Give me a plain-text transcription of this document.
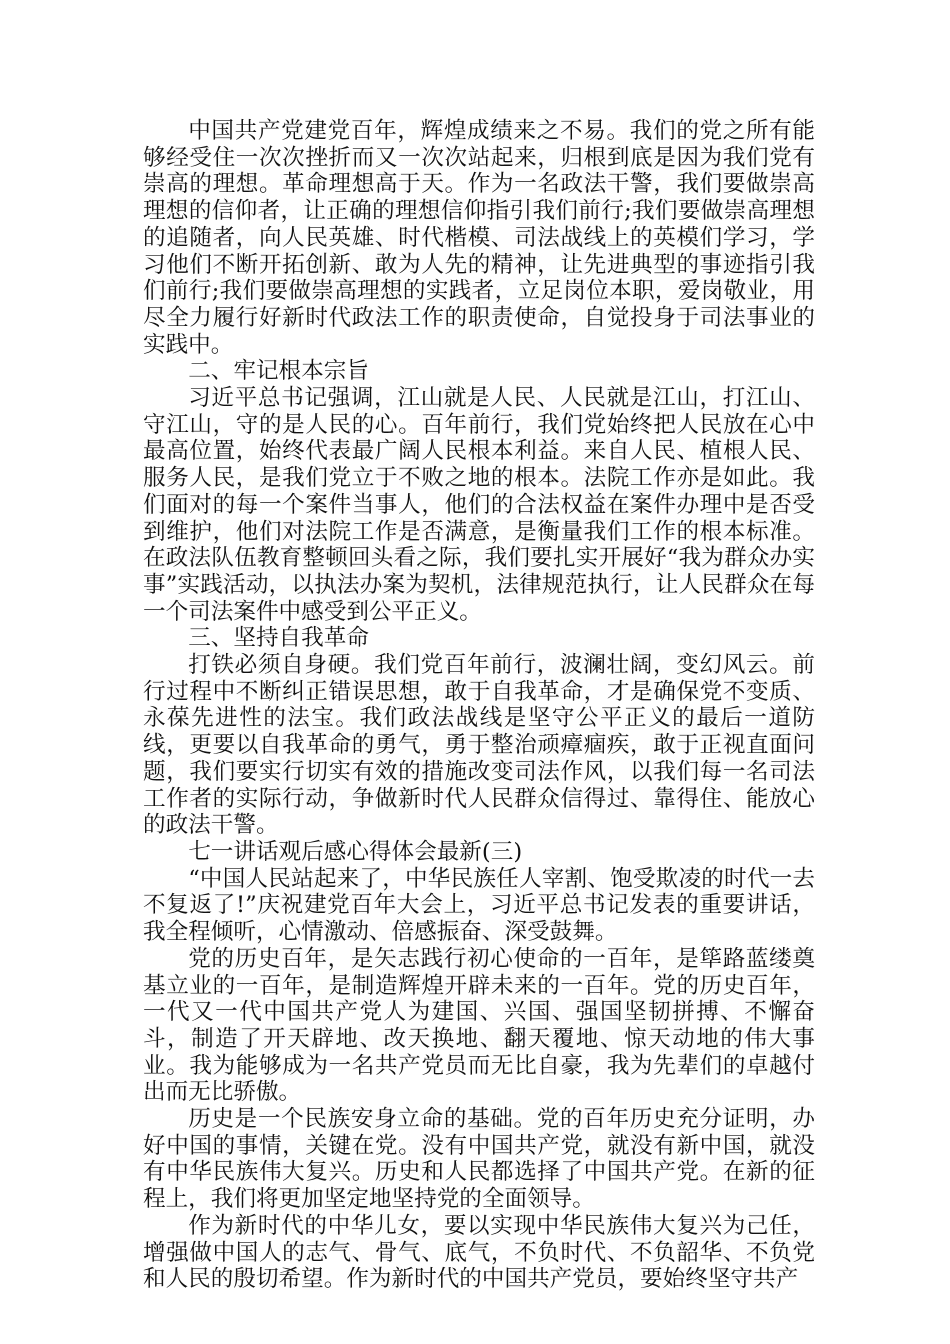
中国共产党建党百年，辉煌成绩来之不易。我们的党之所有能够经受住一次次挫折而又一次次站起来，归根到底是因为我们党有崇高的理想。革命理想高于天。作为一名政法干警，我们要做崇高理想的信仰者，让正确的理想信仰指引我们前行;我们要做崇高理想的追随者，向人民英雄、时代楷模、司法战线上的英模们学习，学习他们不断开拓创新、敢为人先的精神，让先进典型的事迹指引我们前行;我们要做崇高理想的实践者，立足岗位本职，爱岗敬业，用尽全力履行好新时代政法工作的职责使命，自觉投身于司法事业的实践中。

二、牢记根本宗旨

习近平总书记强调，江山就是人民、人民就是江山，打江山、守江山，守的是人民的心。百年前行，我们党始终把人民放在心中最高位置，始终代表最广阔人民根本利益。来自人民、植根人民、服务人民，是我们党立于不败之地的根本。法院工作亦是如此。我们面对的每一个案件当事人，他们的合法权益在案件办理中是否受到维护，他们对法院工作是否满意，是衡量我们工作的根本标准。在政法队伍教育整顿回头看之际，我们要扎实开展好“我为群众办实事”实践活动，以执法办案为契机，法律规范执行，让人民群众在每一个司法案件中感受到公平正义。

三、坚持自我革命

打铁必须自身硬。我们党百年前行，波澜壮阔，变幻风云。前行过程中不断纠正错误思想，敢于自我革命，才是确保党不变质、永葆先进性的法宝。我们政法战线是坚守公平正义的最后一道防线，更要以自我革命的勇气，勇于整治顽瘴痼疾，敢于正视直面问题，我们要实行切实有效的措施改变司法作风，以我们每一名司法工作者的实际行动，争做新时代人民群众信得过、靠得住、能放心的政法干警。

七一讲话观后感心得体会最新(三)

“中国人民站起来了，中华民族任人宰割、饱受欺凌的时代一去不复返了!”庆祝建党百年大会上，习近平总书记发表的重要讲话，我全程倾听，心情激动、倍感振奋、深受鼓舞。

党的历史百年，是矢志践行初心使命的一百年，是筚路蓝缕奠基立业的一百年，是制造辉煌开辟未来的一百年。党的历史百年，一代又一代中国共产党人为建国、兴国、强国坚韧拼搏、不懈奋斗，制造了开天辟地、改天换地、翻天覆地、惊天动地的伟大事业。我为能够成为一名共产党员而无比自豪，我为先辈们的卓越付出而无比骄傲。

历史是一个民族安身立命的基础。党的百年历史充分证明，办好中国的事情，关键在党。没有中国共产党，就没有新中国，就没有中华民族伟大复兴。历史和人民都选择了中国共产党。在新的征程上，我们将更加坚定地坚持党的全面领导。

作为新时代的中华儿女，要以实现中华民族伟大复兴为己任，增强做中国人的志气、骨气、底气，不负时代、不负韶华、不负党和人民的殷切希望。作为新时代的中国共产党员，要始终坚守共产
